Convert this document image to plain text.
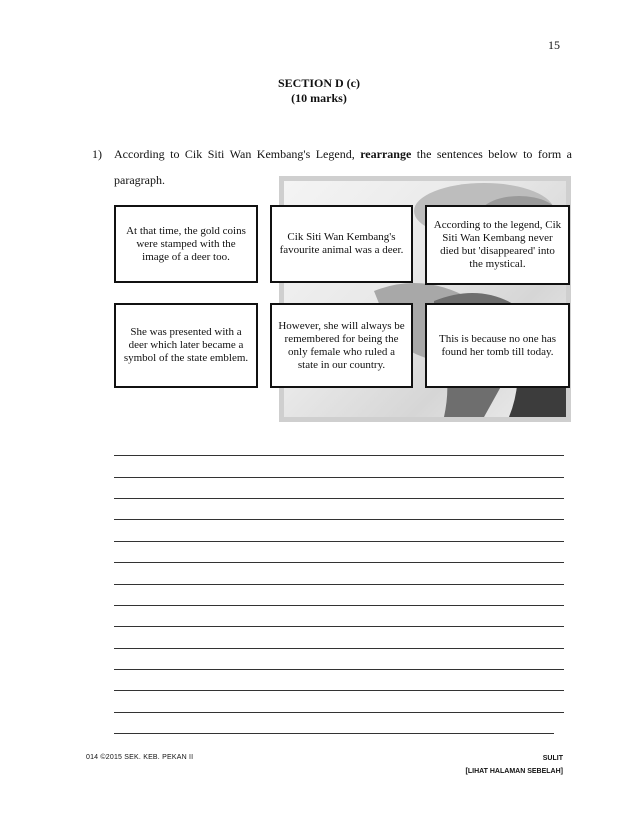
15
SECTION D (c)
(10 marks)
1) According to Cik Siti Wan Kembang's Legend, rearrange the sentences below to form a paragraph.
At that time, the gold coins were stamped with the image of a deer too.
Cik Siti Wan Kembang's favourite animal was a deer.
According to the legend, Cik Siti Wan Kembang never died but 'disappeared' into the mystical.
She was presented with a deer which later became a symbol of the state emblem.
However, she will always be remembered for being the only female who ruled a state in our country.
This is because no one has found her tomb till today.
014 ©2015 SEK. KEB. PEKAN II	SULIT
[LIHAT HALAMAN SEBELAH]
